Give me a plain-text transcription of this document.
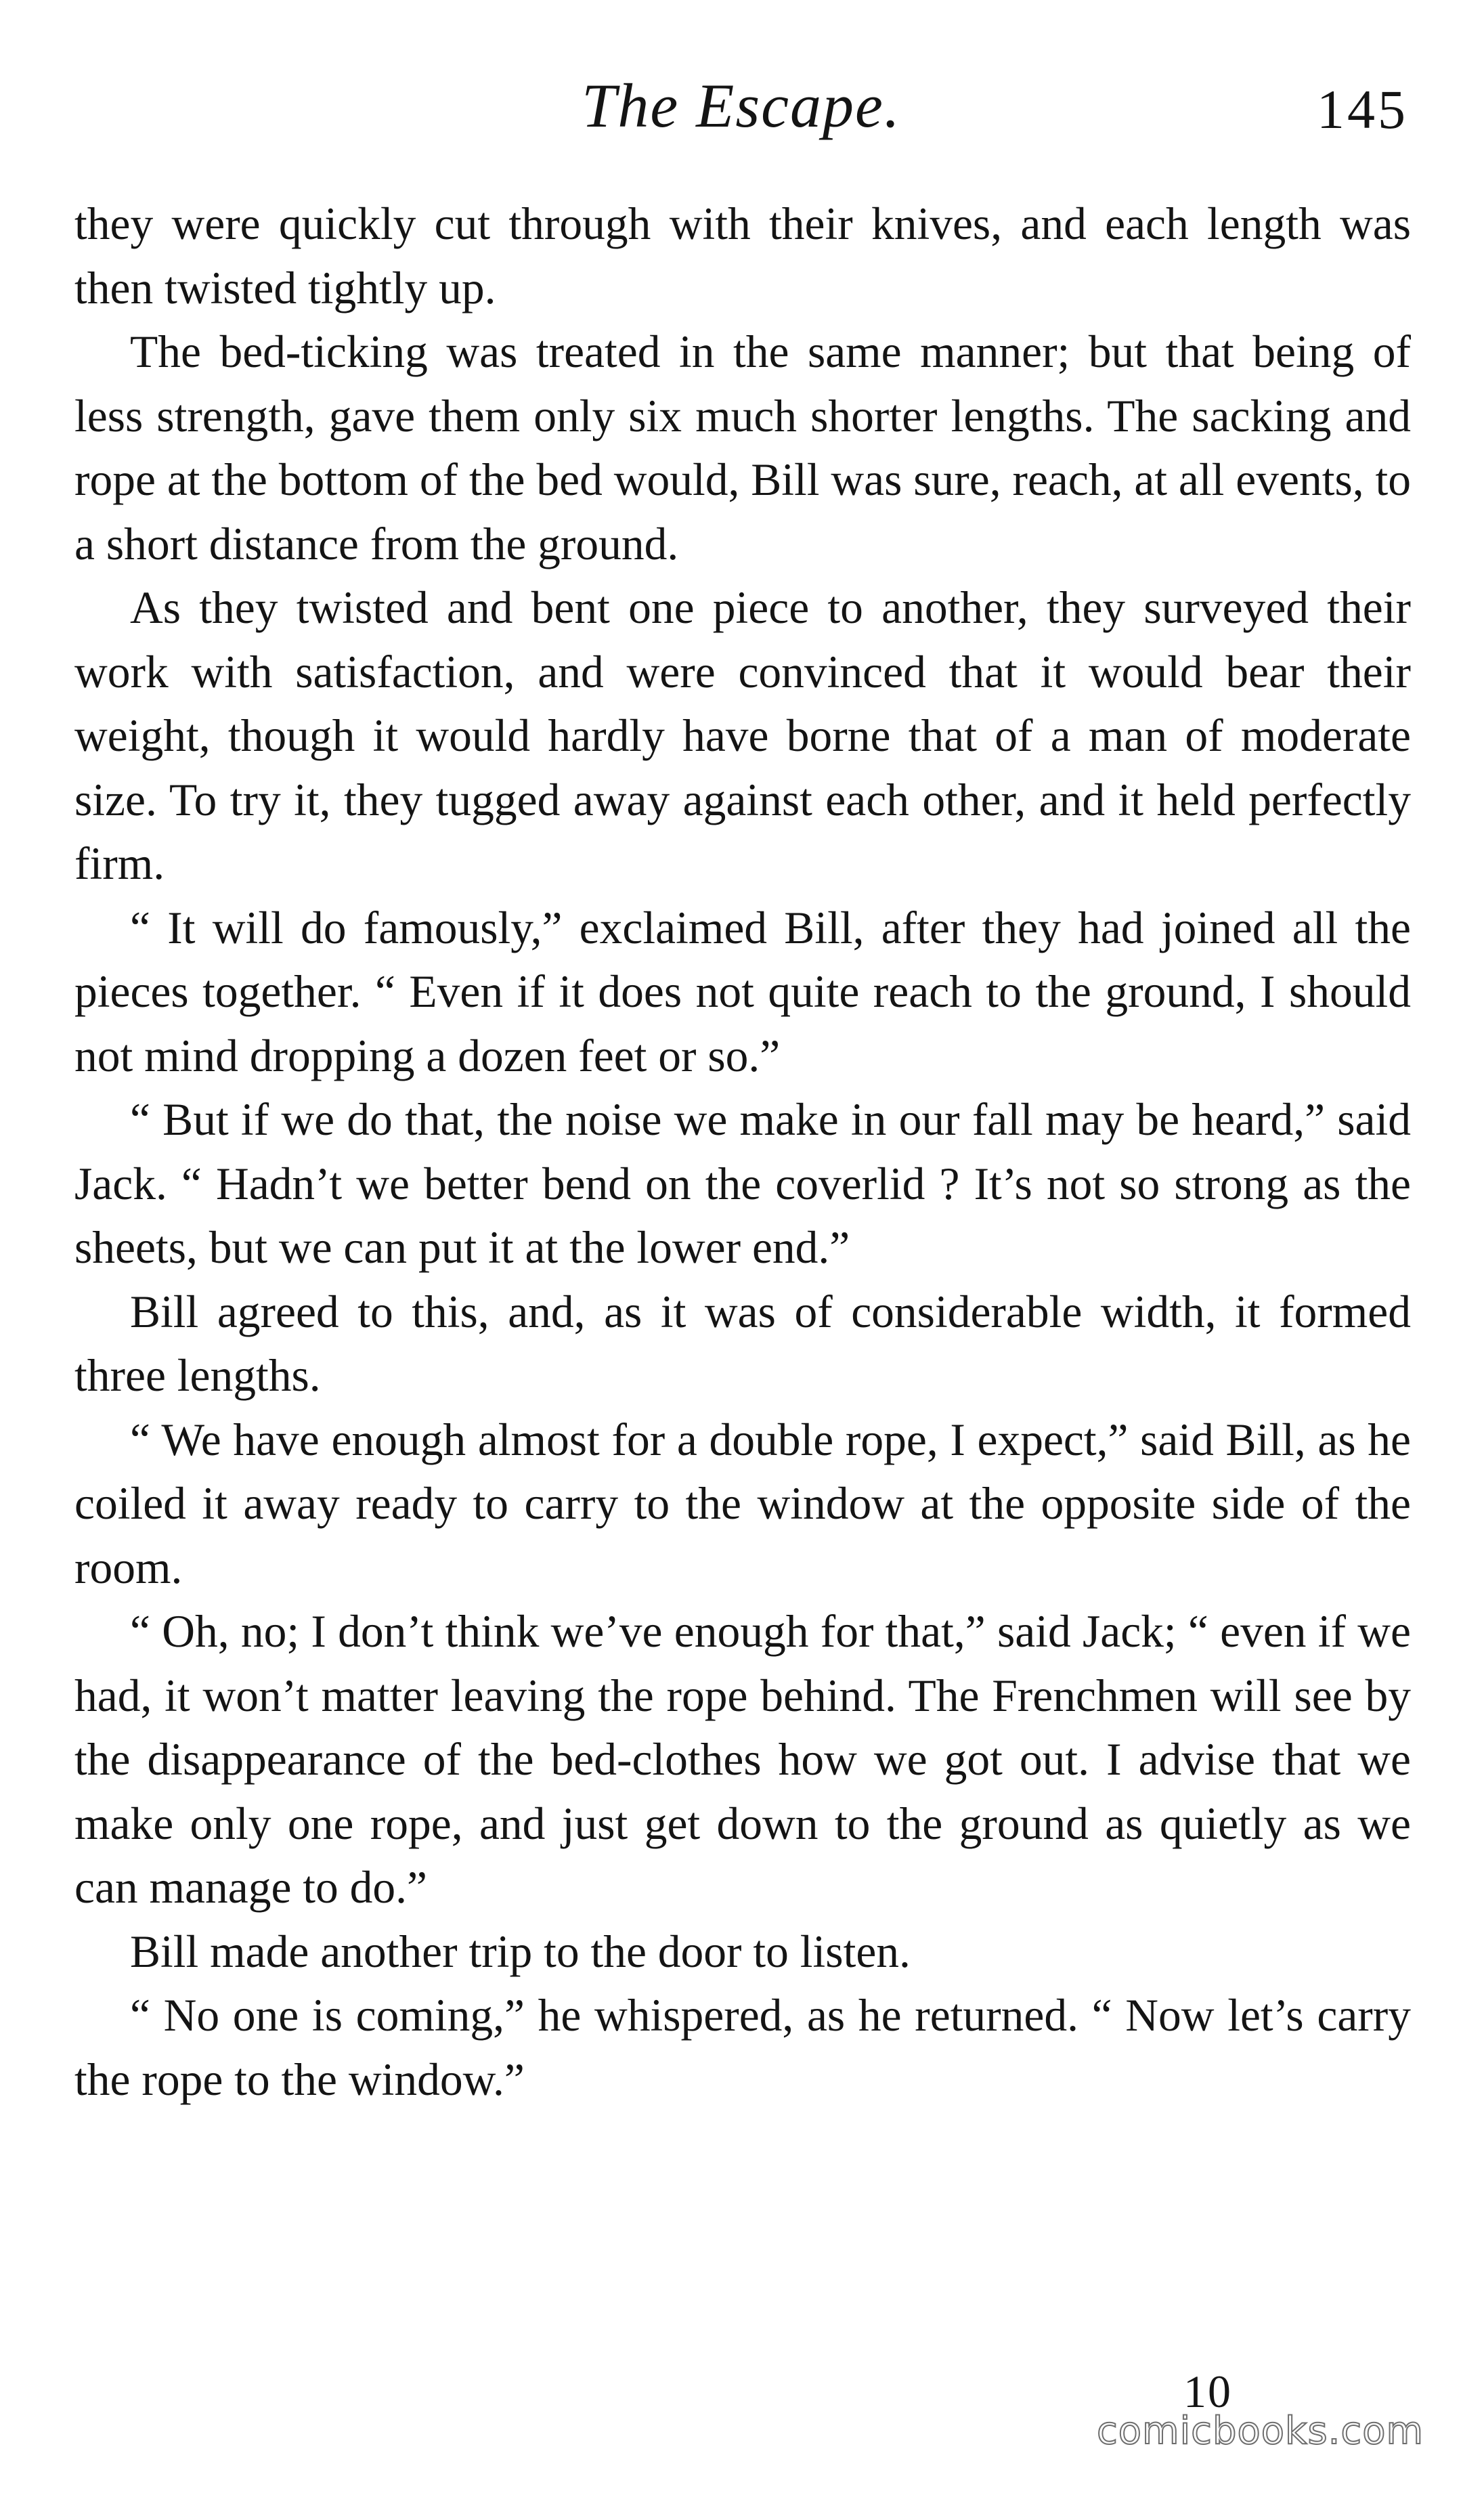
The Escape.	145

they were quickly cut through with their knives, and each length was then twisted tightly up.

The bed-ticking was treated in the same manner; but that being of less strength, gave them only six much shorter lengths. The sacking and rope at the bottom of the bed would, Bill was sure, reach, at all events, to a short distance from the ground.

As they twisted and bent one piece to another, they surveyed their work with satisfaction, and were convinced that it would bear their weight, though it would hardly have borne that of a man of moderate size. To try it, they tugged away against each other, and it held perfectly firm.

“ It will do famously,” exclaimed Bill, after they had joined all the pieces together. “ Even if it does not quite reach to the ground, I should not mind dropping a dozen feet or so.”

“ But if we do that, the noise we make in our fall may be heard,” said Jack. “ Hadn’t we better bend on the coverlid ? It’s not so strong as the sheets, but we can put it at the lower end.”

Bill agreed to this, and, as it was of considerable width, it formed three lengths.

“ We have enough almost for a double rope, I expect,” said Bill, as he coiled it away ready to carry to the window at the opposite side of the room.

“ Oh, no; I don’t think we’ve enough for that,” said Jack; “ even if we had, it won’t matter leaving the rope behind. The Frenchmen will see by the disappearance of the bed-clothes how we got out. I advise that we make only one rope, and just get down to the ground as quietly as we can manage to do.”

Bill made another trip to the door to listen.

“ No one is coming,” he whispered, as he returned. “ Now let’s carry the rope to the window.”

10
comicbooks.com
